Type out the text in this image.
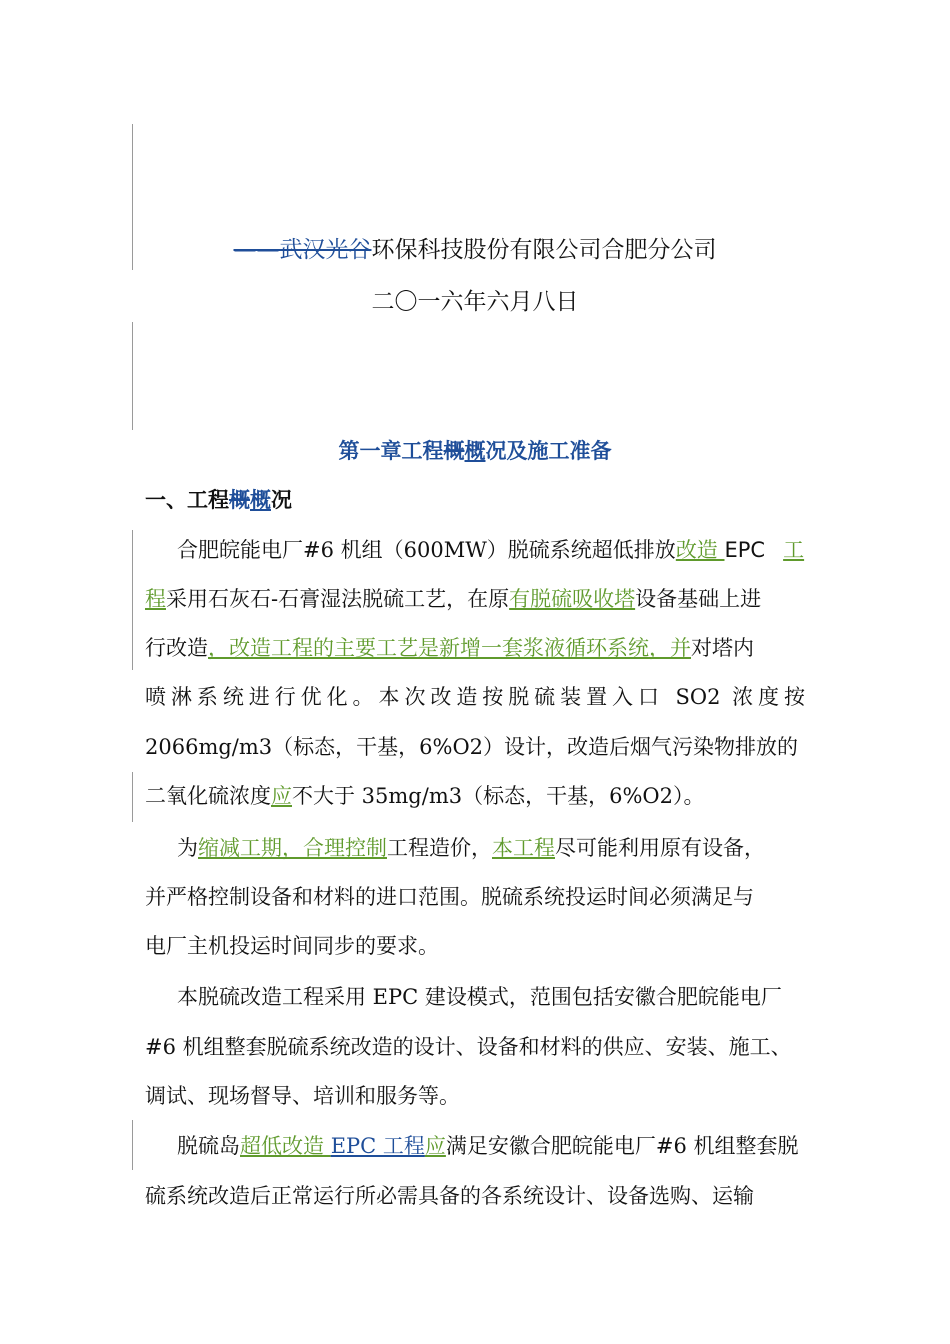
——武汉光谷环保科技股份有限公司合肥分公司
二〇一六年六月八日
第一章工程概概况及施工准备
一、工程概概况
合肥皖能电厂#6 机组（600MW）脱硫系统超低排放改造 EPC 工
程采用石灰石-石膏湿法脱硫工艺，在原有脱硫吸收塔设备基础上进
行改造，改造工程的主要工艺是新增一套浆液循环系统，并对塔内
喷淋系统进行优化。本次改造按脱硫装置入口 SO2 浓度按
2066mg/m3（标态，干基，6%O2）设计，改造后烟气污染物排放的
二氧化硫浓度应不大于 35mg/m3（标态，干基，6%O2）。
为缩减工期，合理控制工程造价，本工程尽可能利用原有设备，
并严格控制设备和材料的进口范围。脱硫系统投运时间必须满足与
电厂主机投运时间同步的要求。
本脱硫改造工程采用 EPC 建设模式，范围包括安徽合肥皖能电厂
#6 机组整套脱硫系统改造的设计、设备和材料的供应、安装、施工、
调试、现场督导、培训和服务等。
脱硫岛超低改造 EPC 工程应满足安徽合肥皖能电厂#6 机组整套脱
硫系统改造后正常运行所必需具备的各系统设计、设备选购、运输
